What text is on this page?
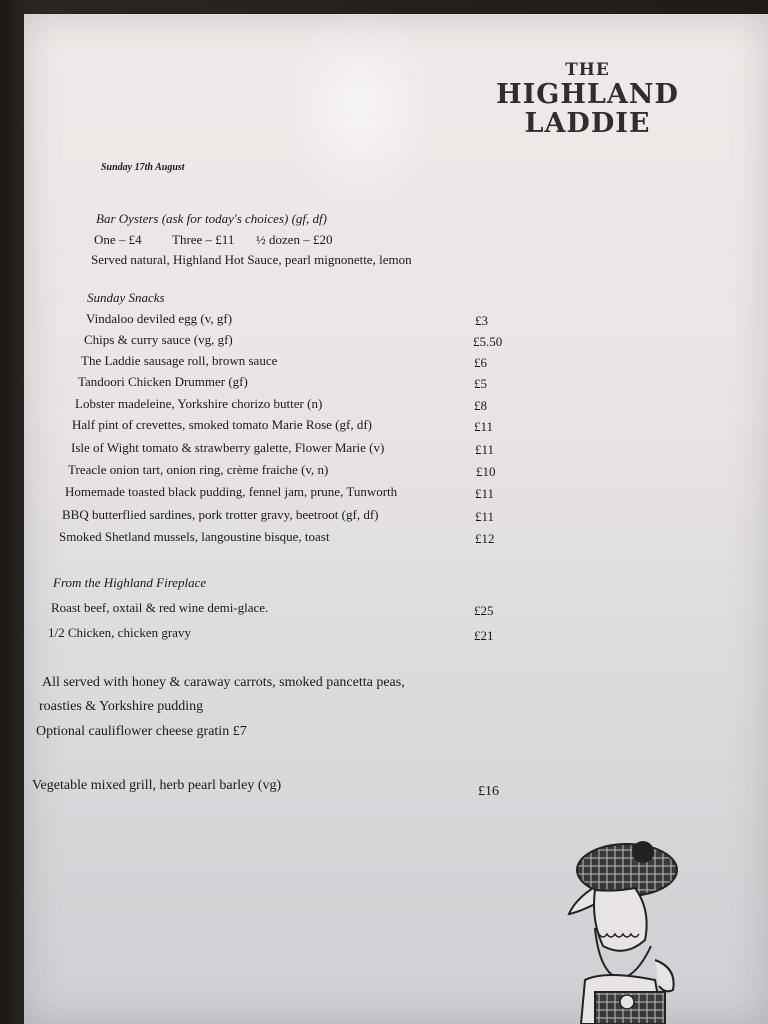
THE
HIGHLAND
LADDIE
Sunday 17th August
Bar Oysters (ask for today's choices) (gf, df)
One – £4 Three – £11 ½ dozen – £20
Served natural, Highland Hot Sauce, pearl mignonette, lemon
Sunday Snacks
Vindaloo deviled egg (v, gf)	£3
Chips & curry sauce (vg, gf)	£5.50
The Laddie sausage roll, brown sauce	£6
Tandoori Chicken Drummer (gf)	£5
Lobster madeleine, Yorkshire chorizo butter (n)	£8
Half pint of crevettes, smoked tomato Marie Rose (gf, df)	£11
Isle of Wight tomato & strawberry galette, Flower Marie (v)	£11
Treacle onion tart, onion ring, crème fraiche (v, n)	£10
Homemade toasted black pudding, fennel jam, prune, Tunworth	£11
BBQ butterflied sardines, pork trotter gravy, beetroot (gf, df)	£11
Smoked Shetland mussels, langoustine bisque, toast	£12
From the Highland Fireplace
Roast beef, oxtail & red wine demi-glace.	£25
1/2 Chicken, chicken gravy	£21
All served with honey & caraway carrots, smoked pancetta peas,
roasties & Yorkshire pudding
Optional cauliflower cheese gratin £7
Vegetable mixed grill, herb pearl barley (vg)	£16
